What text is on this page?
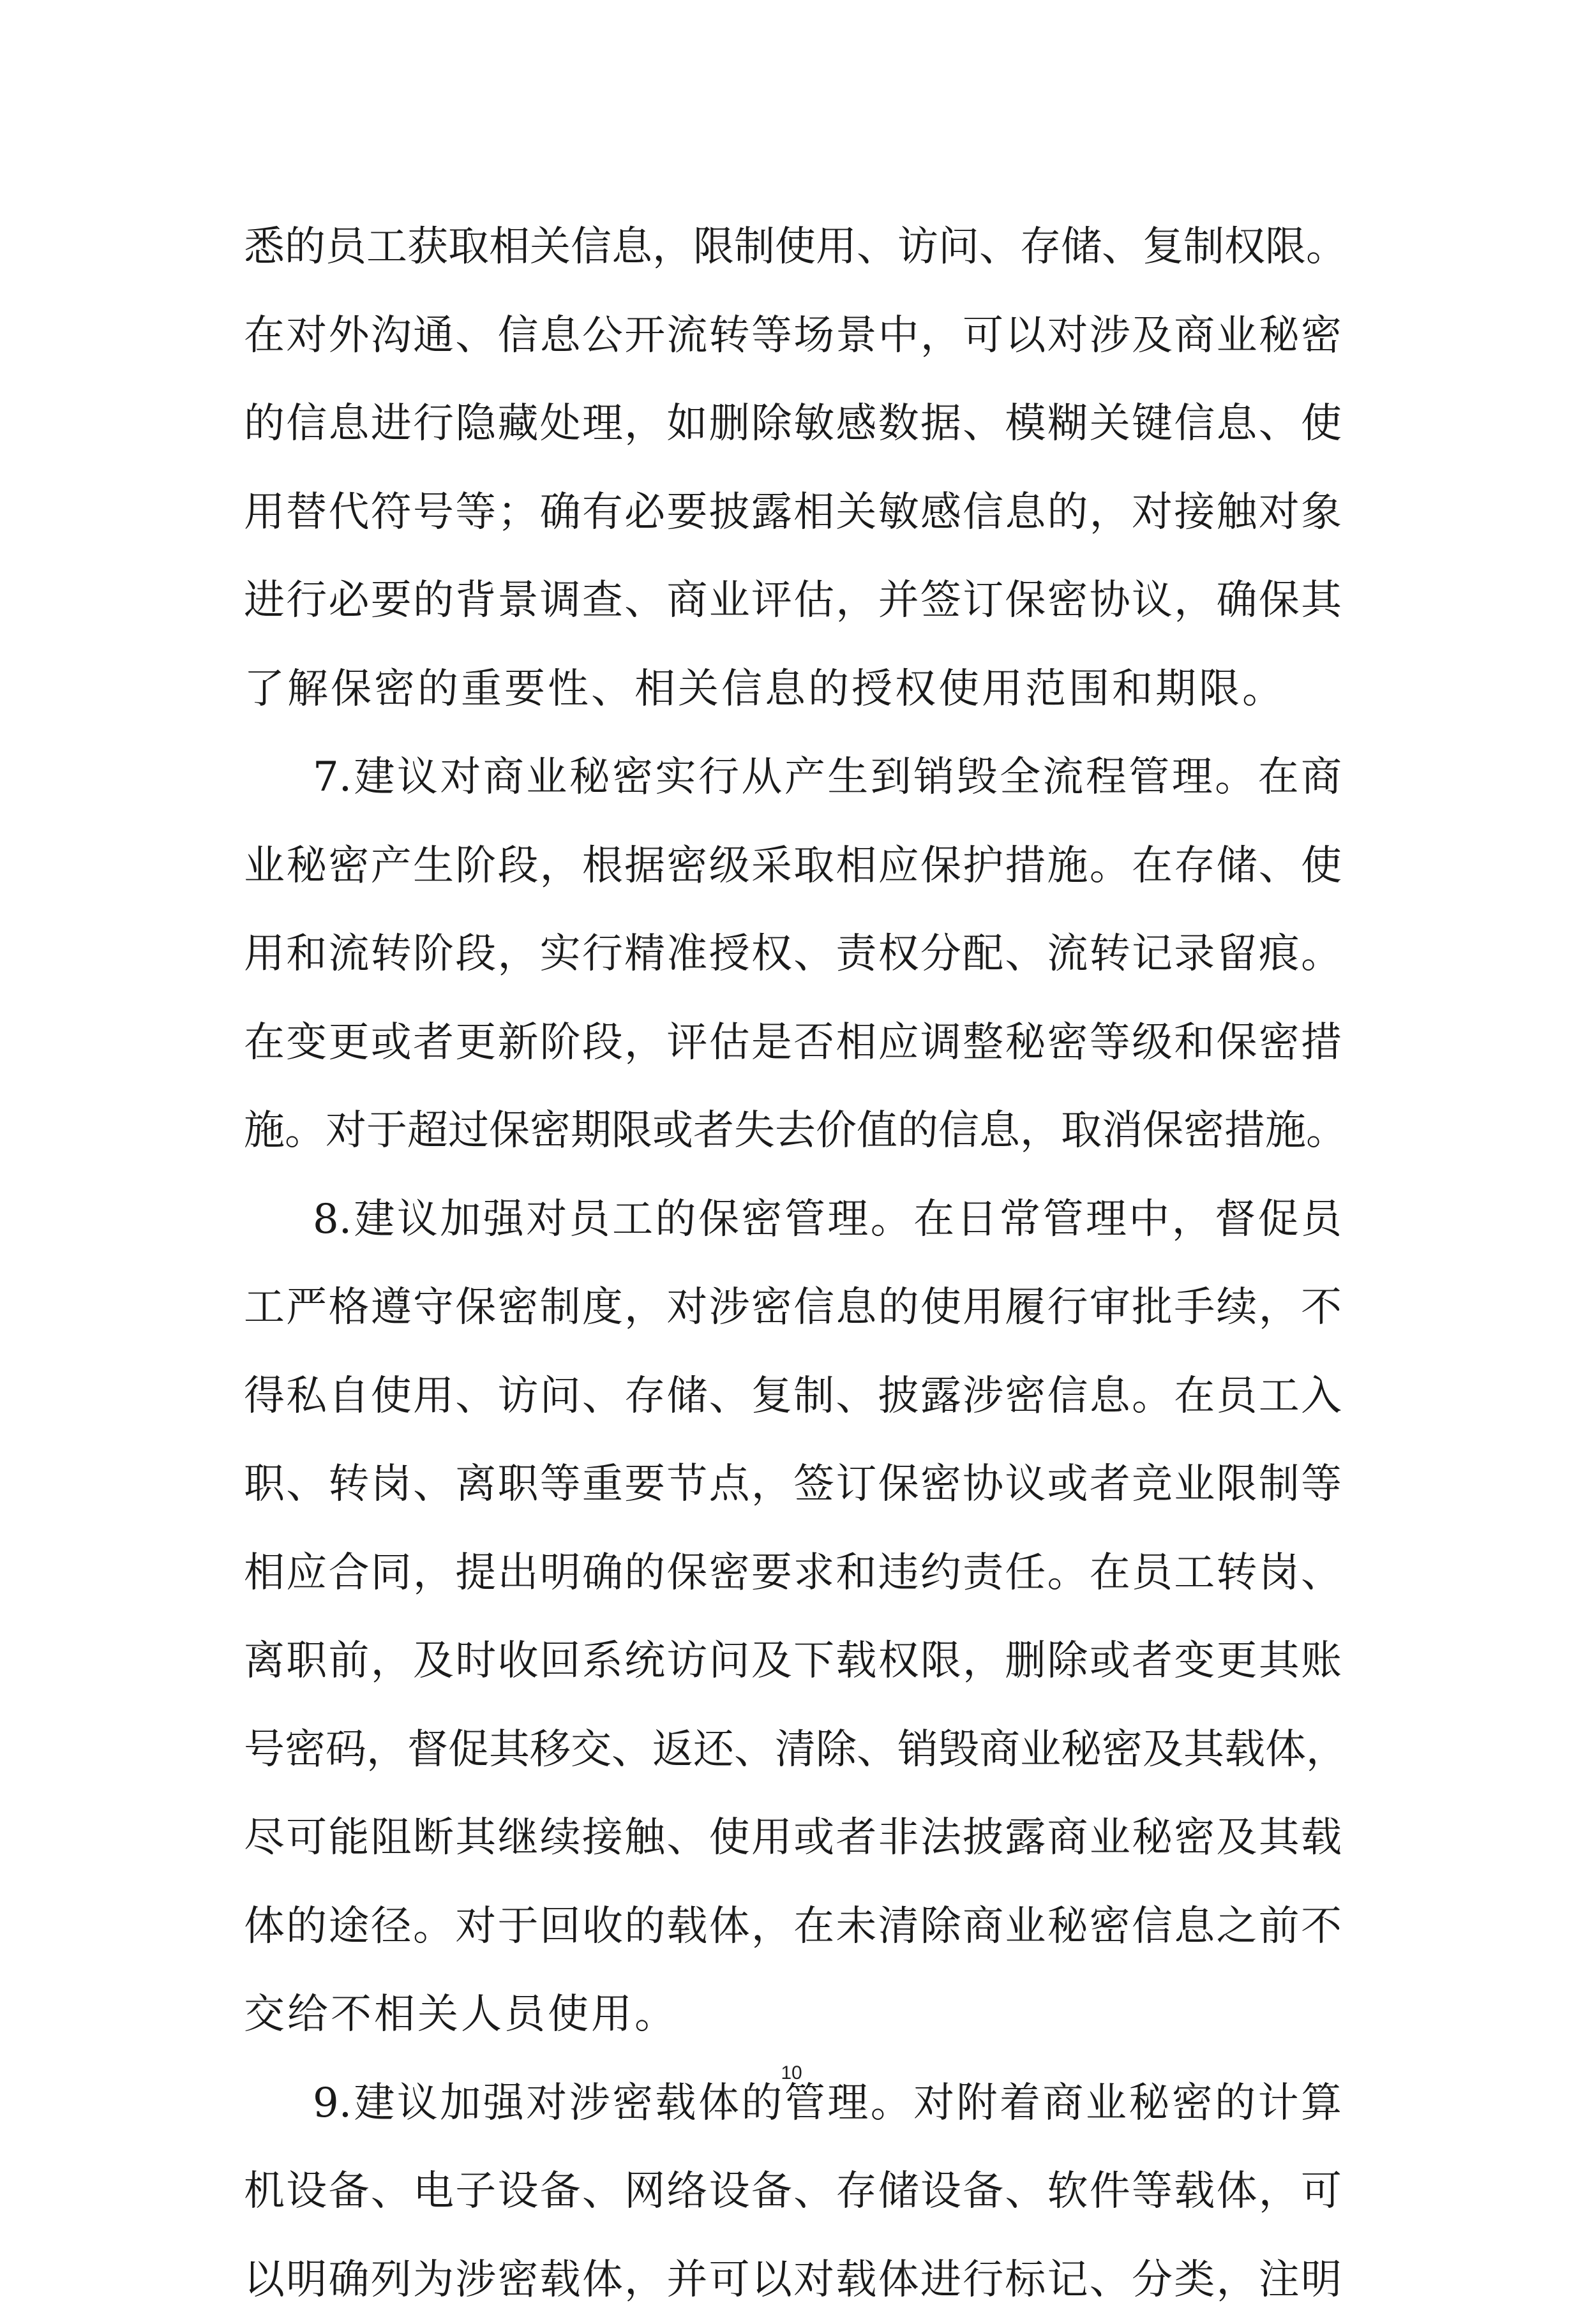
悉的员工获取相关信息，限制使用、访问、存储、复制权限。
在对外沟通、信息公开流转等场景中，可以对涉及商业秘密
的信息进行隐藏处理，如删除敏感数据、模糊关键信息、使
用替代符号等；确有必要披露相关敏感信息的，对接触对象
进行必要的背景调查、商业评估，并签订保密协议，确保其
了解保密的重要性、相关信息的授权使用范围和期限。
7.建议对商业秘密实行从产生到销毁全流程管理。在商
业秘密产生阶段，根据密级采取相应保护措施。在存储、使
用和流转阶段，实行精准授权、责权分配、流转记录留痕。
在变更或者更新阶段，评估是否相应调整秘密等级和保密措
施。对于超过保密期限或者失去价值的信息，取消保密措施。
8.建议加强对员工的保密管理。在日常管理中，督促员
工严格遵守保密制度，对涉密信息的使用履行审批手续，不
得私自使用、访问、存储、复制、披露涉密信息。在员工入
职、转岗、离职等重要节点，签订保密协议或者竞业限制等
相应合同，提出明确的保密要求和违约责任。在员工转岗、
离职前，及时收回系统访问及下载权限，删除或者变更其账
号密码，督促其移交、返还、清除、销毁商业秘密及其载体，
尽可能阻断其继续接触、使用或者非法披露商业秘密及其载
体的途径。对于回收的载体，在未清除商业秘密信息之前不
交给不相关人员使用。
9.建议加强对涉密载体的管理。对附着商业秘密的计算
机设备、电子设备、网络设备、存储设备、软件等载体，可
以明确列为涉密载体，并可以对载体进行标记、分类，注明
10
